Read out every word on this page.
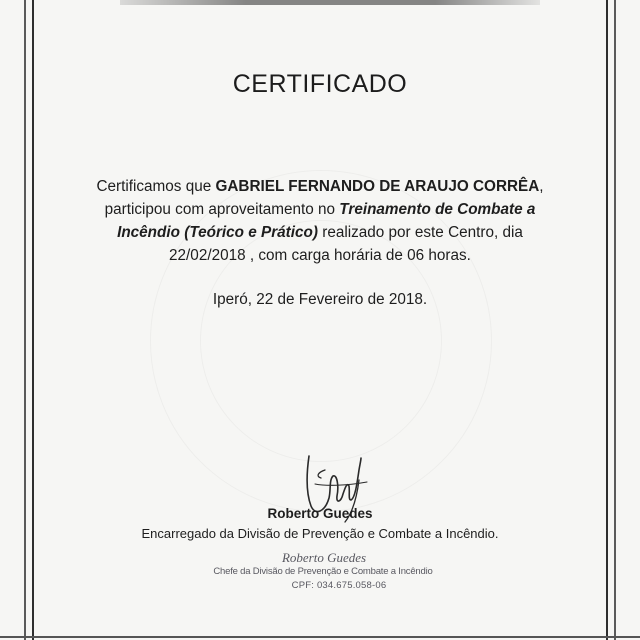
CERTIFICADO
Certificamos que GABRIEL FERNANDO DE ARAUJO CORRÊA,
participou com aproveitamento no Treinamento de Combate a
Incêndio (Teórico e Prático) realizado por este Centro, dia
22/02/2018 , com carga horária de 06 horas.
Iperó, 22 de Fevereiro de 2018.
Roberto Guedes
Encarregado da Divisão de Prevenção e Combate a Incêndio.
Roberto Guedes
Chefe da Divisão de Prevenção e Combate a Incêndio
CPF: 034.675.058-06
